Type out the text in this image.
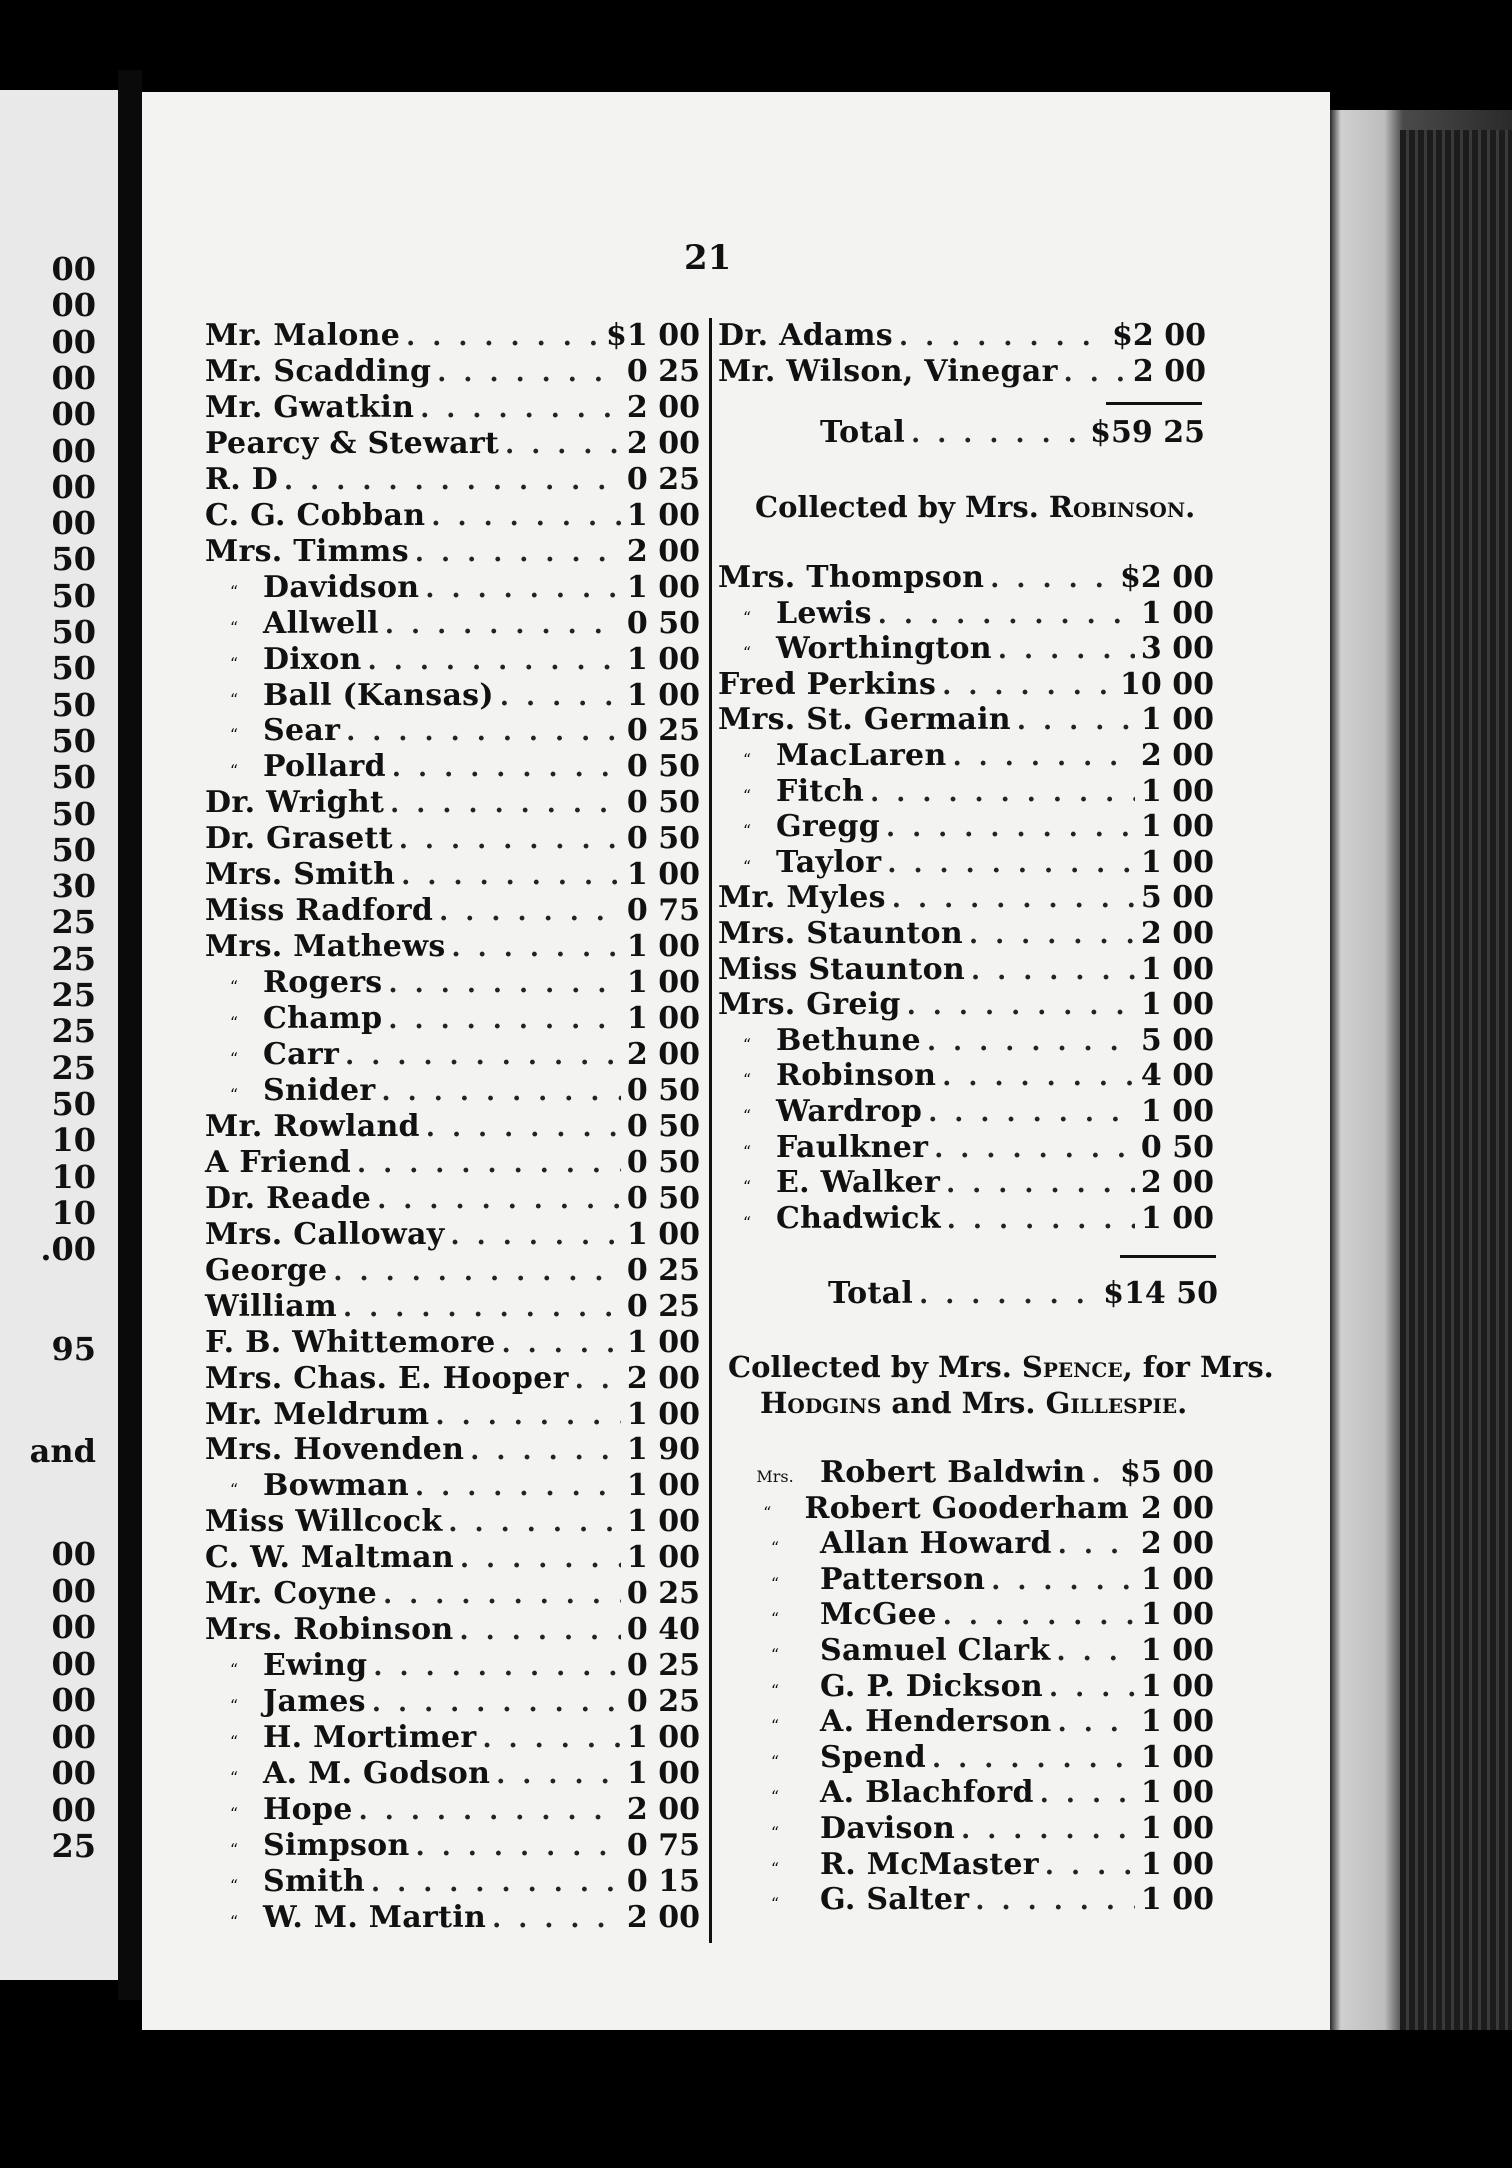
00
00
00
00
00
00
00
00
50
50
50
50
50
50
50
50
50
30
25
25
25
25
25
50
10
10
10
.00
95
and
00
00
00
00
00
00
00
00
25
21
Mr. Malone . . .	$1 00
Mr. Scadding . . .	0 25
Mr. Gwatkin . . .	2 00
Pearcy & Stewart . . .	2 00
R. D . . .	0 25
C. G. Cobban . . .	1 00
Mrs. Timms . . .	2 00
“ Davidson . . .	1 00
“ Allwell . . .	0 50
“ Dixon . . .	1 00
“ Ball (Kansas) . . .	1 00
“ Sear . . .	0 25
“ Pollard . . .	0 50
Dr. Wright . . .	0 50
Dr. Grasett . . .	0 50
Mrs. Smith . . .	1 00
Miss Radford . . .	0 75
Mrs. Mathews . . .	1 00
“ Rogers . . .	1 00
“ Champ . . .	1 00
“ Carr . . .	2 00
“ Snider . . .	0 50
Mr. Rowland . . .	0 50
A Friend . . .	0 50
Dr. Reade . . .	0 50
Mrs. Calloway . . .	1 00
George . . .	0 25
William . . .	0 25
F. B. Whittemore . . .	1 00
Mrs. Chas. E. Hooper . . . 2 00
Mr. Meldrum . . .	1 00
Mrs. Hovenden . . .	1 90
“ Bowman . . .	1 00
Miss Willcock . . .	1 00
C. W. Maltman . . .	1 00
Mr. Coyne . . .	0 25
Mrs. Robinson . . .	0 40
“ Ewing . . .	0 25
“ James . . .	0 25
“ H. Mortimer . . .	1 00
“ A. M. Godson . . .	1 00
“ Hope . . .	2 00
“ Simpson . . .	0 75
“ Smith . . .	0 15
“ W. M. Martin . . .	2 00
Dr. Adams . . .	$2 00
Mr. Wilson, Vinegar . . .	2 00
Total . . .	$59 25
Collected by Mrs. Robinson.
Mrs. Thompson . . .	$2 00
“ Lewis . . .	1 00
“ Worthington . . .	3 00
Fred Perkins . . .	10 00
Mrs. St. Germain . . .	1 00
“ MacLaren . . .	2 00
“ Fitch . . .	1 00
“ Gregg . . .	1 00
“ Taylor . . .	1 00
Mr. Myles . . .	5 00
Mrs. Staunton . . .	2 00
Miss Staunton . . .	1 00
Mrs. Greig . . .	1 00
“ Bethune . . .	5 00
“ Robinson . . .	4 00
“ Wardrop . . .	1 00
“ Faulkner . . .	0 50
“ E. Walker . . .	2 00
“ Chadwick . . .	1 00
Total . . .	$14 50
Collected by Mrs. Spence, for Mrs.
Hodgins and Mrs. Gillespie.
Mrs. Robert Baldwin . . . $5 00
“	Robert Gooderham 2 00
“	Allan Howard . . .	2 00
“	Patterson . . .	1 00
“	McGee . . .	1 00
“	Samuel Clark . . .	1 00
“	G. P. Dickson . . .	1 00
“	A. Henderson . . .	1 00
“	Spend . . .	1 00
“	A. Blachford . . .	1 00
“	Davison . . .	1 00
“	R. McMaster . . .	1 00
“	G. Salter . . .	1 00
